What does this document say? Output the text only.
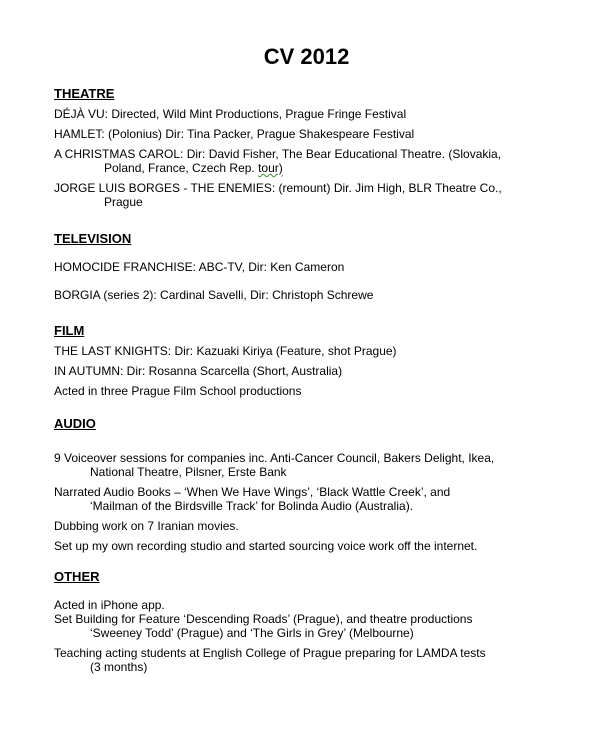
CV 2012
THEATRE
DÉJÀ VU: Directed, Wild Mint Productions, Prague Fringe Festival
HAMLET: (Polonius) Dir: Tina Packer, Prague Shakespeare Festival
A CHRISTMAS CAROL: Dir: David Fisher, The Bear Educational Theatre. (Slovakia,
Poland, France, Czech Rep. tour)
JORGE LUIS BORGES - THE ENEMIES: (remount) Dir. Jim High, BLR Theatre Co.,
Prague
TELEVISION
HOMOCIDE FRANCHISE: ABC-TV, Dir: Ken Cameron
BORGIA (series 2): Cardinal Savelli, Dir: Christoph Schrewe
FILM
THE LAST KNIGHTS: Dir: Kazuaki Kiriya (Feature, shot Prague)
IN AUTUMN: Dir: Rosanna Scarcella (Short, Australia)
Acted in three Prague Film School productions
AUDIO
9 Voiceover sessions for companies inc. Anti-Cancer Council, Bakers Delight, Ikea,
National Theatre, Pilsner, Erste Bank
Narrated Audio Books – ‘When We Have Wings’, ‘Black Wattle Creek’, and
‘Mailman of the Birdsville Track’ for Bolinda Audio (Australia).
Dubbing work on 7 Iranian movies.
Set up my own recording studio and started sourcing voice work off the internet.
OTHER
Acted in iPhone app.
Set Building for Feature ‘Descending Roads’ (Prague), and theatre productions
‘Sweeney Todd’ (Prague) and ‘The Girls in Grey’ (Melbourne)
Teaching acting students at English College of Prague preparing for LAMDA tests
(3 months)
